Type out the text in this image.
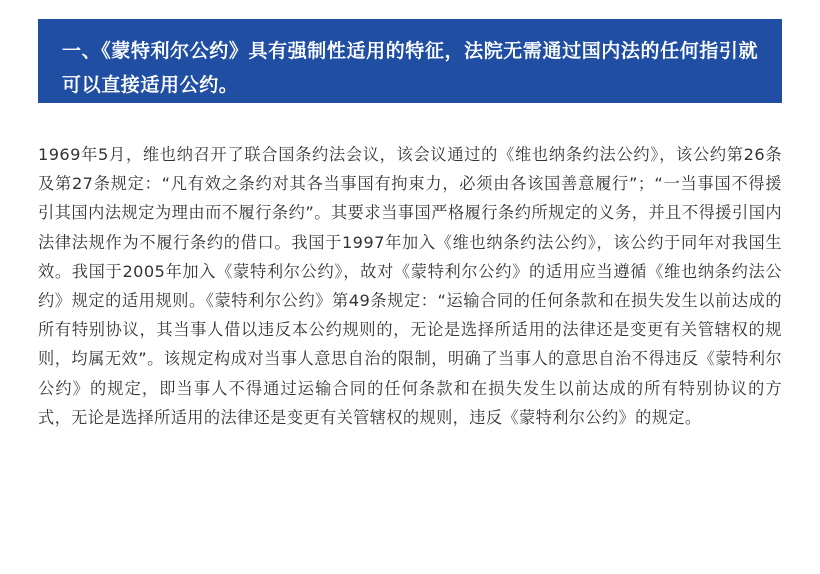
一、《蒙特利尔公约》具有强制性适用的特征，法院无需通过国内法的任何指引就可以直接适用公约。

1969年5月，维也纳召开了联合国条约法会议，该会议通过的《维也纳条约法公约》，该公约第26条及第27条规定：“凡有效之条约对其各当事国有拘束力，必须由各该国善意履行”；“一当事国不得援引其国内法规定为理由而不履行条约”。其要求当事国严格履行条约所规定的义务，并且不得援引国内法律法规作为不履行条约的借口。我国于1997年加入《维也纳条约法公约》，该公约于同年对我国生效。我国于2005年加入《蒙特利尔公约》，故对《蒙特利尔公约》的适用应当遵循《维也纳条约法公约》规定的适用规则。《蒙特利尔公约》第49条规定：“运输合同的任何条款和在损失发生以前达成的所有特别协议，其当事人借以违反本公约规则的，无论是选择所适用的法律还是变更有关管辖权的规则，均属无效”。该规定构成对当事人意思自治的限制，明确了当事人的意思自治不得违反《蒙特利尔公约》的规定，即当事人不得通过运输合同的任何条款和在损失发生以前达成的所有特别协议的方式，无论是选择所适用的法律还是变更有关管辖权的规则，违反《蒙特利尔公约》的规定。
